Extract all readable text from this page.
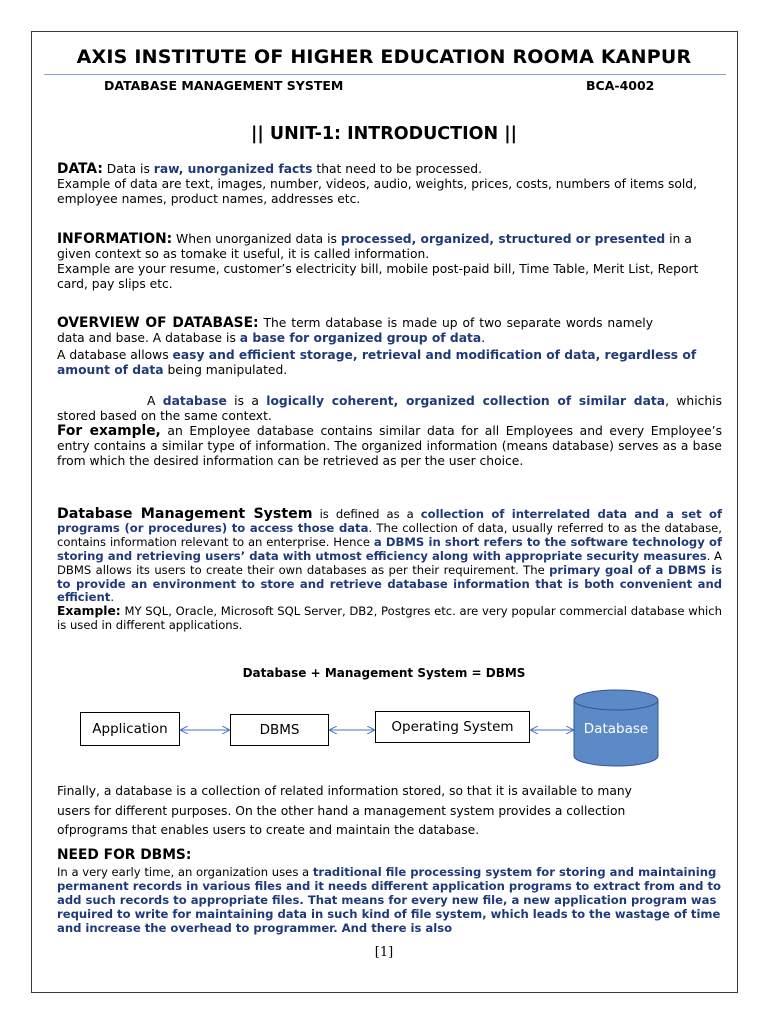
AXIS INSTITUTE OF HIGHER EDUCATION ROOMA KANPUR
DATABASE MANAGEMENT SYSTEM	BCA-4002
|| UNIT-1: INTRODUCTION ||
DATA: Data is raw, unorganized facts that need to be processed.
Example of data are text, images, number, videos, audio, weights, prices, costs, numbers of items sold, employee names, product names, addresses etc.
INFORMATION: When unorganized data is processed, organized, structured or presented in a given context so as tomake it useful, it is called information.
Example are your resume, customer’s electricity bill, mobile post-paid bill, Time Table, Merit List, Report card, pay slips etc.
OVERVIEW OF DATABASE: The term database is made up of two separate words namely data and base. A database is a base for organized group of data.
A database allows easy and efficient storage, retrieval and modification of data, regardless of amount of data being manipulated.
A database is a logically coherent, organized collection of similar data, whichis stored based on the same context.
For example, an Employee database contains similar data for all Employees and every Employee’s entry contains a similar type of information. The organized information (means database) serves as a base from which the desired information can be retrieved as per the user choice.
Database Management System is defined as a collection of interrelated data and a set of programs (or procedures) to access those data. The collection of data, usually referred to as the database, contains information relevant to an enterprise. Hence a DBMS in short refers to the software technology of storing and retrieving users’ data with utmost efficiency along with appropriate security measures. A DBMS allows its users to create their own databases as per their requirement. The primary goal of a DBMS is to provide an environment to store and retrieve database information that is both convenient and efficient.
Example: MY SQL, Oracle, Microsoft SQL Server, DB2, Postgres etc. are very popular commercial database which is used in different applications.
Database + Management System = DBMS
Application	DBMS	Operating System	Database
Finally, a database is a collection of related information stored, so that it is available to many users for different purposes. On the other hand a management system provides a collection ofprograms that enables users to create and maintain the database.
NEED FOR DBMS:
In a very early time, an organization uses a traditional file processing system for storing and maintaining permanent records in various files and it needs different application programs to extract from and to add such records to appropriate files. That means for every new file, a new application program was required to write for maintaining data in such kind of file system, which leads to the wastage of time and increase the overhead to programmer. And there is also
[1]
